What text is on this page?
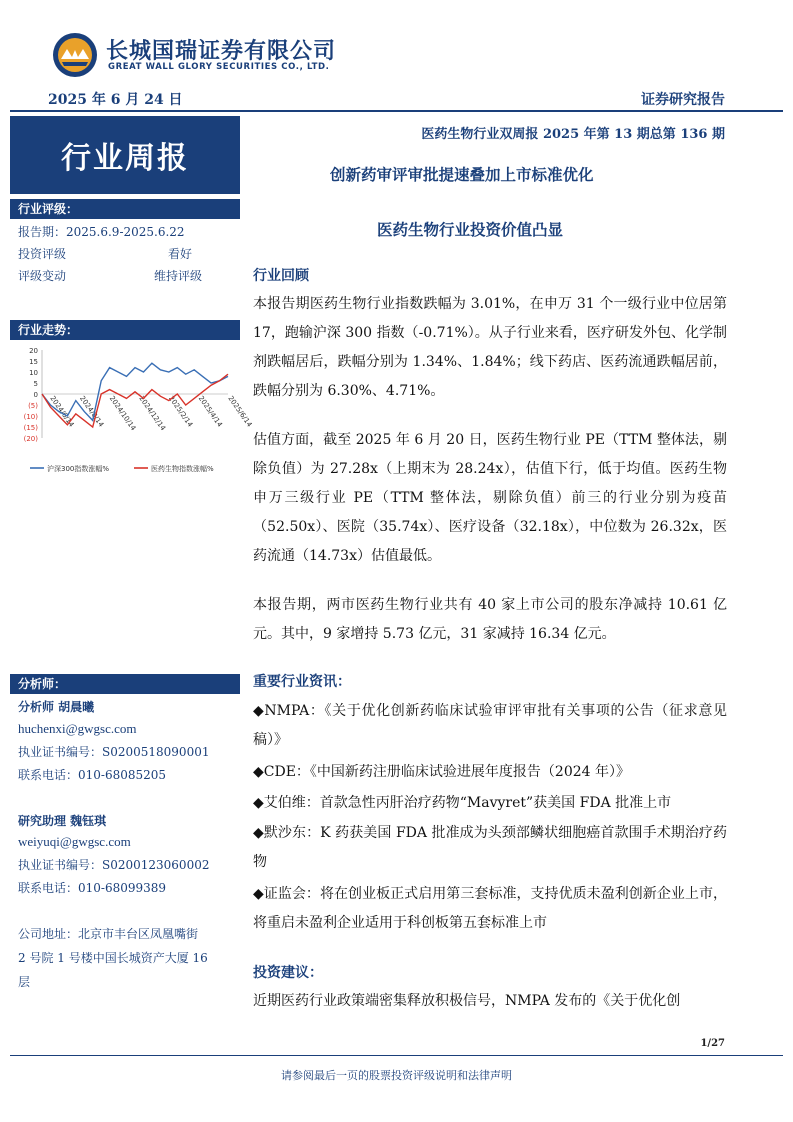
长城国瑞证券有限公司
GREAT WALL GLORY SECURITIES CO., LTD.
2025 年 6 月 24 日	证券研究报告
行业周报
行业评级：
报告期：2025.6.9-2025.6.22
投资评级	看好
评级变动	维持评级
行业走势：
20
15
10
5
0
(5)
(10)
(15)
(20)
2024/6/14 2024/8/14 2024/10/14 2024/12/14 2025/2/14 2025/4/14 2025/6/14
沪深300指数涨幅%	医药生物指数涨幅%
分析师：
分析师 胡晨曦
huchenxi@gwgsc.com
执业证书编号：S0200518090001
联系电话：010-68085205
研究助理 魏钰琪
weiyuqi@gwgsc.com
执业证书编号：S0200123060002
联系电话：010-68099389
公司地址：北京市丰台区凤凰嘴街
2 号院 1 号楼中国长城资产大厦 16
层
医药生物行业双周报 2025 年第 13 期总第 136 期
创新药审评审批提速叠加上市标准优化
医药生物行业投资价值凸显
行业回顾
本报告期医药生物行业指数跌幅为 3.01%，在申万 31 个一级行业中位居第 17，跑输沪深 300 指数（-0.71%）。从子行业来看，医疗研发外包、化学制剂跌幅居后，跌幅分别为 1.34%、1.84%；线下药店、医药流通跌幅居前，跌幅分别为 6.30%、4.71%。
估值方面，截至 2025 年 6 月 20 日，医药生物行业 PE（TTM 整体法，剔除负值）为 27.28x（上期末为 28.24x），估值下行，低于均值。医药生物申万三级行业 PE（TTM 整体法，剔除负值）前三的行业分别为疫苗（52.50x）、医院（35.74x）、医疗设备（32.18x），中位数为 26.32x，医药流通（14.73x）估值最低。
本报告期，两市医药生物行业共有 40 家上市公司的股东净减持 10.61 亿元。其中，9 家增持 5.73 亿元，31 家减持 16.34 亿元。
重要行业资讯：
◆NMPA：《关于优化创新药临床试验审评审批有关事项的公告（征求意见稿）》
◆CDE：《中国新药注册临床试验进展年度报告（2024 年）》
◆艾伯维：首款急性丙肝治疗药物“Mavyret”获美国 FDA 批准上市
◆默沙东：K 药获美国 FDA 批准成为头颈部鳞状细胞癌首款围手术期治疗药物
◆证监会：将在创业板正式启用第三套标准，支持优质未盈利创新企业上市，将重启未盈利企业适用于科创板第五套标准上市
投资建议：
近期医药行业政策端密集释放积极信号，NMPA 发布的《关于优化创
1/27
请参阅最后一页的股票投资评级说明和法律声明
